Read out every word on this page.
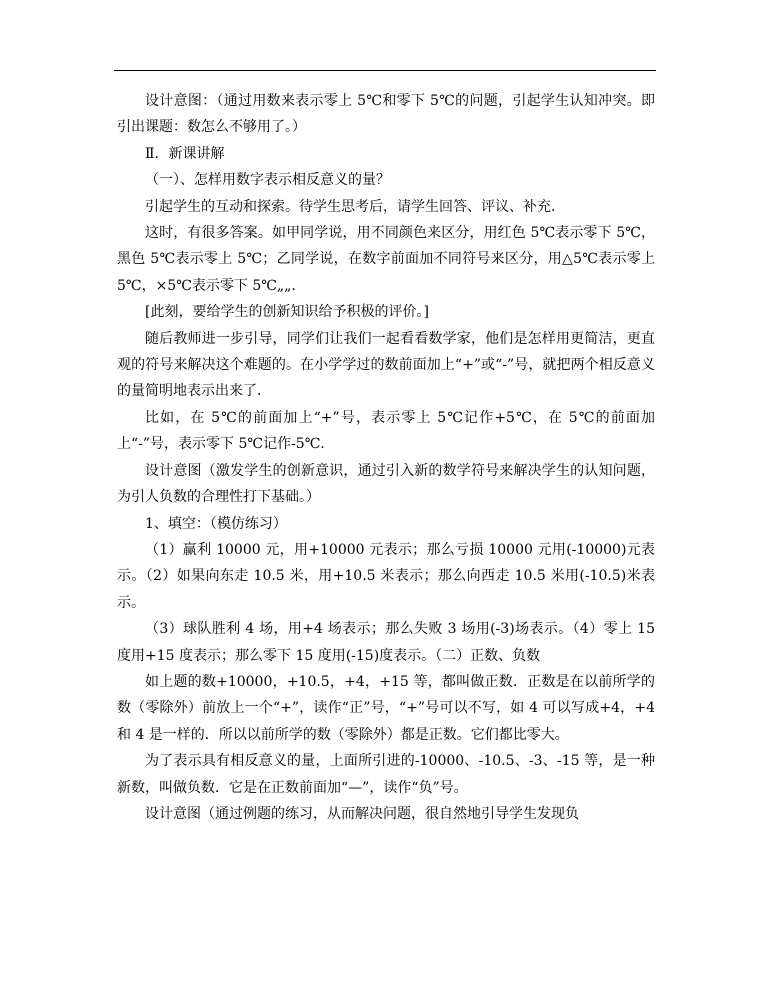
设计意图：（通过用数来表示零上 5℃和零下 5℃的问题，引起学生认知冲突。即引出课题：数怎么不够用了。）

Ⅱ．新课讲解

（一）、怎样用数字表示相反意义的量？

引起学生的互动和探索。待学生思考后，请学生回答、评议、补充．

这时，有很多答案。如甲同学说，用不同颜色来区分，用红色 5℃表示零下 5℃，黑色 5℃表示零上 5℃；乙同学说，在数字前面加不同符号来区分，用△5℃表示零上 5℃，×5℃表示零下 5℃„„．

[此刻，要给学生的创新知识给予积极的评价。]

随后教师进一步引导，同学们让我们一起看看数学家，他们是怎样用更简洁，更直观的符号来解决这个难题的。在小学学过的数前面加上“+”或“-”号，就把两个相反意义的量简明地表示出来了．

比如，在 5℃的前面加上“+”号，表示零上 5℃记作+5℃，在 5℃的前面加上“-”号，表示零下 5℃记作-5℃．

设计意图（激发学生的创新意识，通过引入新的数学符号来解决学生的认知问题，为引人负数的合理性打下基础。）

1、填空：（模仿练习）

（1）赢利 10000 元，用+10000 元表示；那么亏损 10000 元用(-10000)元表示。（2）如果向东走 10.5 米，用+10.5 米表示；那么向西走 10.5 米用(-10.5)米表示。

（3）球队胜利 4 场，用+4 场表示；那么失败 3 场用(-3)场表示。（4）零上 15 度用+15 度表示；那么零下 15 度用(-15)度表示。（二）正数、负数

如上题的数+10000，+10.5，+4，+15 等，都叫做正数．正数是在以前所学的数（零除外）前放上一个“+”，读作“正”号，“+”号可以不写，如 4 可以写成+4，+4 和 4 是一样的．所以以前所学的数（零除外）都是正数。它们都比零大。

为了表示具有相反意义的量，上面所引进的-10000、-10.5、-3、-15 等，是一种新数，叫做负数．它是在正数前面加“—”，读作“负”号。

设计意图（通过例题的练习，从而解决问题，很自然地引导学生发现负
